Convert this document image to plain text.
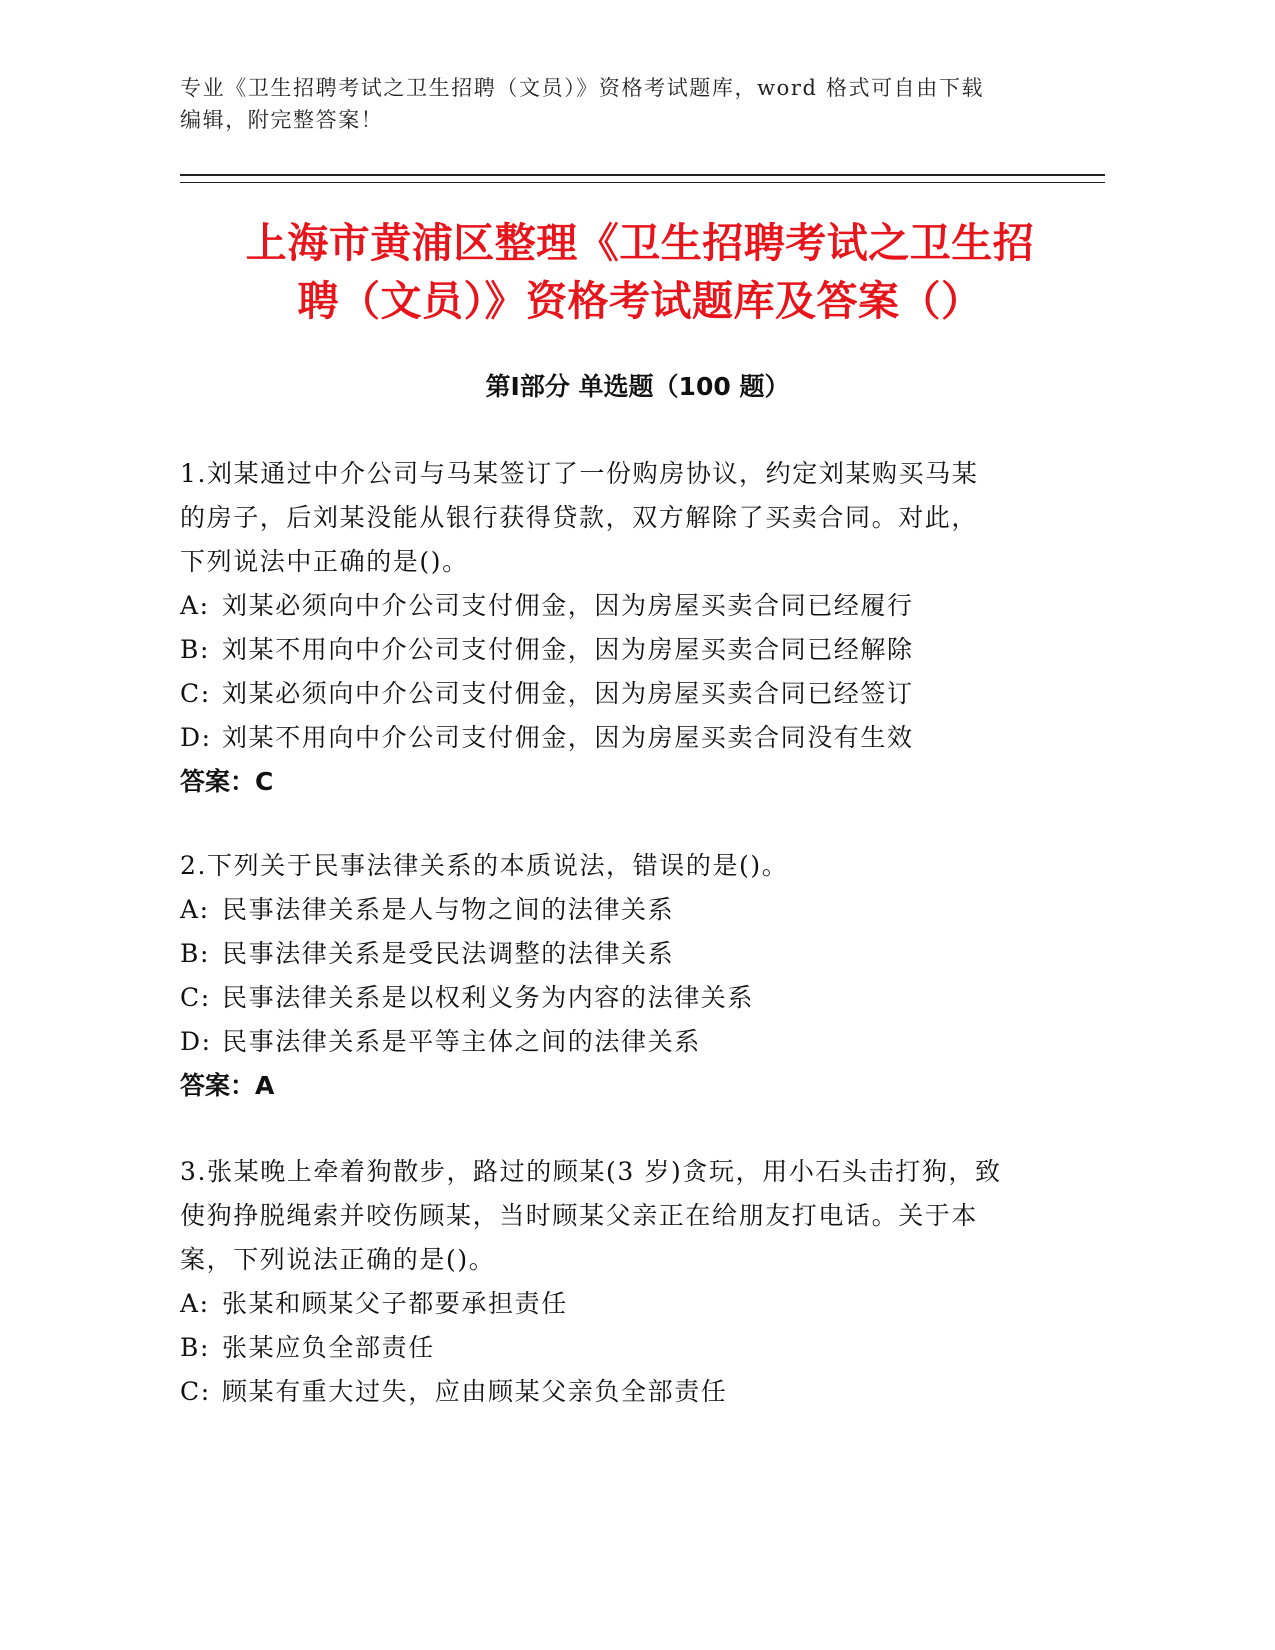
专业《卫生招聘考试之卫生招聘（文员）》资格考试题库，word 格式可自由下载
编辑，附完整答案！
上海市黄浦区整理《卫生招聘考试之卫生招
聘（文员）》资格考试题库及答案（）
第Ⅰ部分 单选题（100 题）

1.刘某通过中介公司与马某签订了一份购房协议，约定刘某购买马某

的房子，后刘某没能从银行获得贷款，双方解除了买卖合同。对此，

下列说法中正确的是()。

A: 刘某必须向中介公司支付佣金，因为房屋买卖合同已经履行

B: 刘某不用向中介公司支付佣金，因为房屋买卖合同已经解除

C: 刘某必须向中介公司支付佣金，因为房屋买卖合同已经签订

D: 刘某不用向中介公司支付佣金，因为房屋买卖合同没有生效

答案：C

2.下列关于民事法律关系的本质说法，错误的是()。

A: 民事法律关系是人与物之间的法律关系

B: 民事法律关系是受民法调整的法律关系

C: 民事法律关系是以权利义务为内容的法律关系

D: 民事法律关系是平等主体之间的法律关系

答案：A

3.张某晚上牵着狗散步，路过的顾某(3 岁)贪玩，用小石头击打狗，致

使狗挣脱绳索并咬伤顾某，当时顾某父亲正在给朋友打电话。关于本

案，下列说法正确的是()。

A: 张某和顾某父子都要承担责任

B: 张某应负全部责任

C: 顾某有重大过失，应由顾某父亲负全部责任
